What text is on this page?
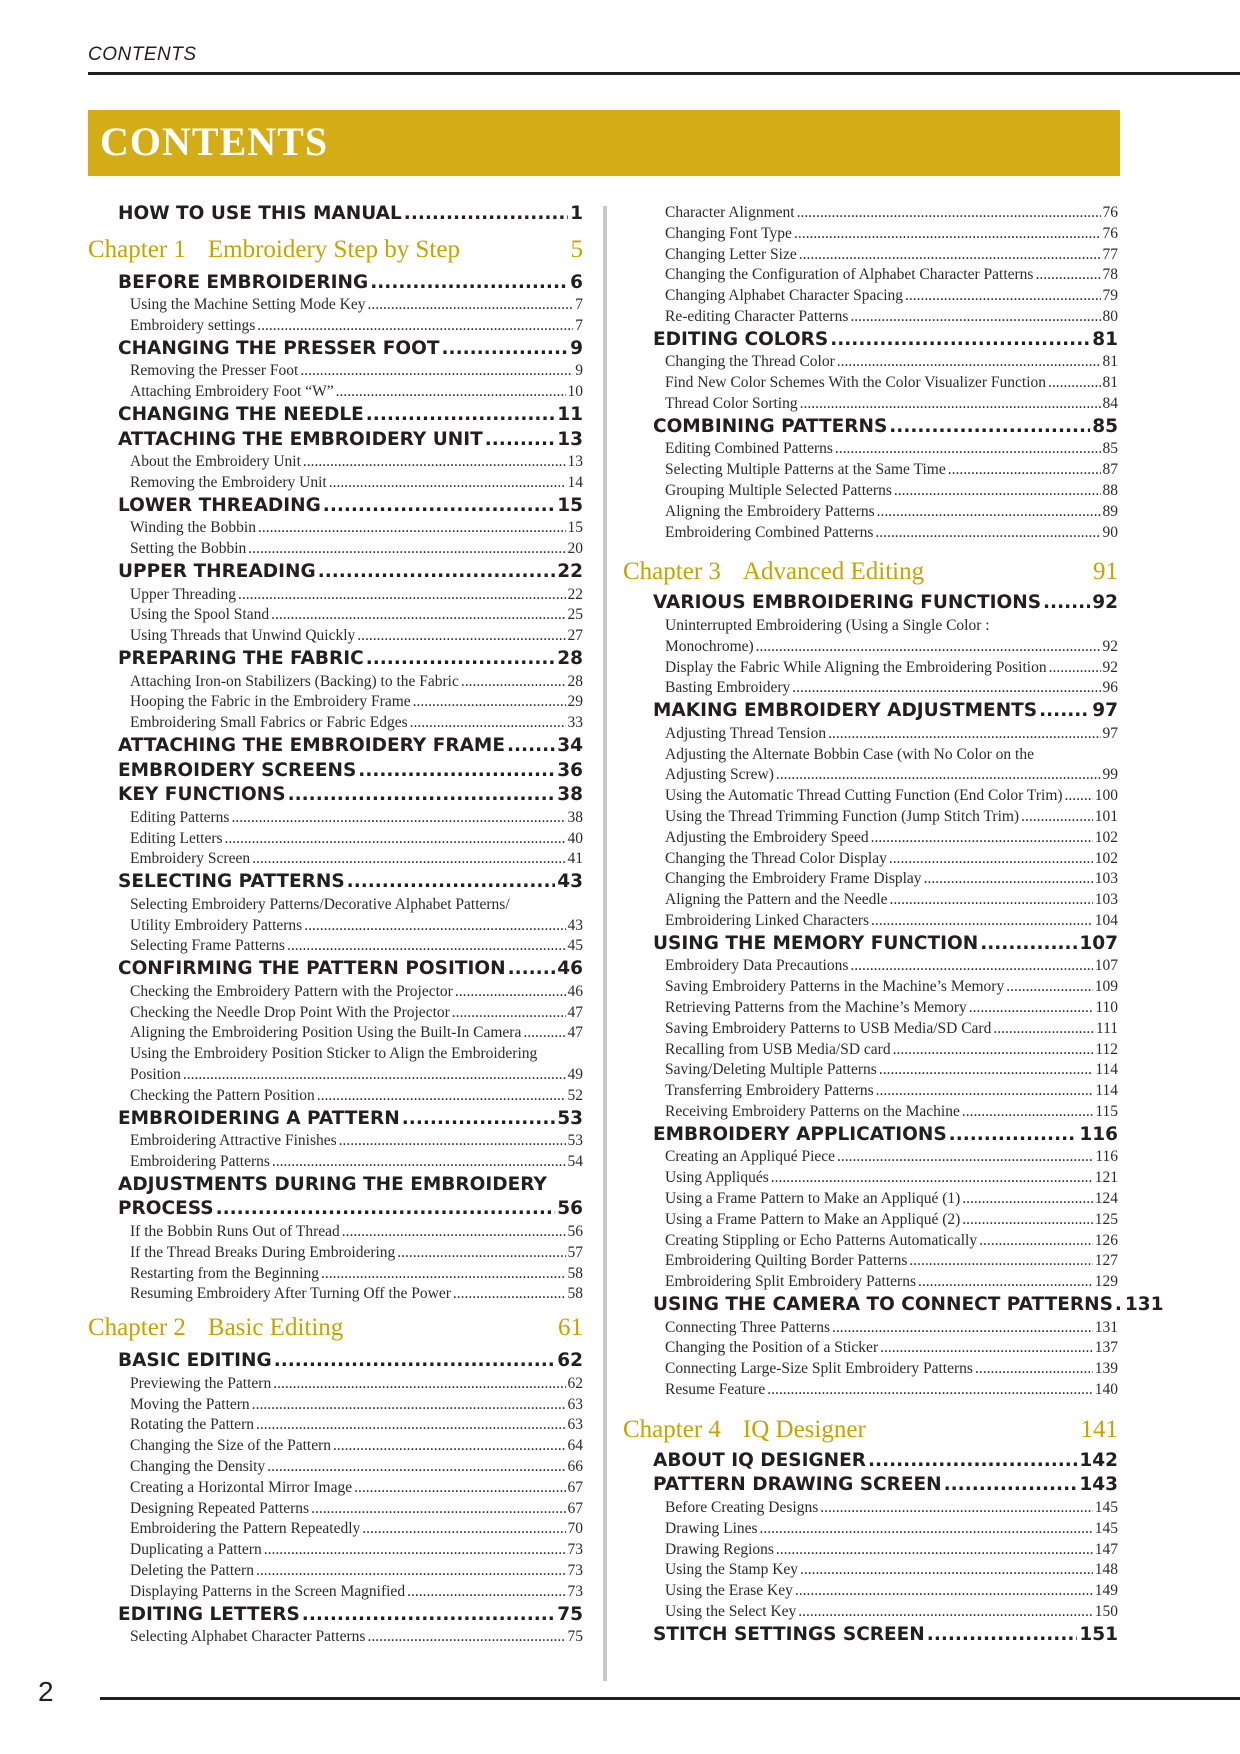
CONTENTS
CONTENTS
HOW TO USE THIS MANUAL .....	1
Chapter 1 Embroidery Step by Step	5
BEFORE EMBROIDERING .....	6
Using the Machine Setting Mode Key .....	7
Embroidery settings .....	7
CHANGING THE PRESSER FOOT .....	9
Removing the Presser Foot .....	9
Attaching Embroidery Foot “W” .....	10
CHANGING THE NEEDLE .....	11
ATTACHING THE EMBROIDERY UNIT .....	13
About the Embroidery Unit .....	13
Removing the Embroidery Unit .....	14
LOWER THREADING .....	15
Winding the Bobbin .....	15
Setting the Bobbin .....	20
UPPER THREADING .....	22
Upper Threading .....	22
Using the Spool Stand .....	25
Using Threads that Unwind Quickly .....	27
PREPARING THE FABRIC .....	28
Attaching Iron-on Stabilizers (Backing) to the Fabric .....	28
Hooping the Fabric in the Embroidery Frame .....	29
Embroidering Small Fabrics or Fabric Edges .....	33
ATTACHING THE EMBROIDERY FRAME .....	34
EMBROIDERY SCREENS .....	36
KEY FUNCTIONS .....	38
Editing Patterns .....	38
Editing Letters .....	40
Embroidery Screen .....	41
SELECTING PATTERNS .....	43
Selecting Embroidery Patterns/Decorative Alphabet Patterns/
Utility Embroidery Patterns .....	43
Selecting Frame Patterns .....	45
CONFIRMING THE PATTERN POSITION .....	46
Checking the Embroidery Pattern with the Projector .....	46
Checking the Needle Drop Point With the Projector .....	47
Aligning the Embroidering Position Using the Built-In Camera .....	47
Using the Embroidery Position Sticker to Align the Embroidering
Position .....	49
Checking the Pattern Position .....	52
EMBROIDERING A PATTERN .....	53
Embroidering Attractive Finishes .....	53
Embroidering Patterns .....	54
ADJUSTMENTS DURING THE EMBROIDERY
PROCESS .....	56
If the Bobbin Runs Out of Thread .....	56
If the Thread Breaks During Embroidering .....	57
Restarting from the Beginning .....	58
Resuming Embroidery After Turning Off the Power .....	58
Chapter 2 Basic Editing	61
BASIC EDITING .....	62
Previewing the Pattern .....	62
Moving the Pattern .....	63
Rotating the Pattern .....	63
Changing the Size of the Pattern .....	64
Changing the Density .....	66
Creating a Horizontal Mirror Image .....	67
Designing Repeated Patterns .....	67
Embroidering the Pattern Repeatedly .....	70
Duplicating a Pattern .....	73
Deleting the Pattern .....	73
Displaying Patterns in the Screen Magnified .....	73
EDITING LETTERS .....	75
Selecting Alphabet Character Patterns .....	75
Character Alignment .....	76
Changing Font Type .....	76
Changing Letter Size .....	77
Changing the Configuration of Alphabet Character Patterns .....	78
Changing Alphabet Character Spacing .....	79
Re-editing Character Patterns .....	80
EDITING COLORS .....	81
Changing the Thread Color .....	81
Find New Color Schemes With the Color Visualizer Function .....	81
Thread Color Sorting .....	84
COMBINING PATTERNS .....	85
Editing Combined Patterns .....	85
Selecting Multiple Patterns at the Same Time .....	87
Grouping Multiple Selected Patterns .....	88
Aligning the Embroidery Patterns .....	89
Embroidering Combined Patterns .....	90
Chapter 3 Advanced Editing	91
VARIOUS EMBROIDERING FUNCTIONS .....	92
Uninterrupted Embroidering (Using a Single Color :
Monochrome) .....	92
Display the Fabric While Aligning the Embroidering Position .....	92
Basting Embroidery .....	96
MAKING EMBROIDERY ADJUSTMENTS .....	97
Adjusting Thread Tension .....	97
Adjusting the Alternate Bobbin Case (with No Color on the
Adjusting Screw) .....	99
Using the Automatic Thread Cutting Function (End Color Trim) ..... 100
Using the Thread Trimming Function (Jump Stitch Trim) .....	101
Adjusting the Embroidery Speed .....	102
Changing the Thread Color Display .....	102
Changing the Embroidery Frame Display .....	103
Aligning the Pattern and the Needle .....	103
Embroidering Linked Characters .....	104
USING THE MEMORY FUNCTION .....	107
Embroidery Data Precautions .....	107
Saving Embroidery Patterns in the Machine’s Memory .....	109
Retrieving Patterns from the Machine’s Memory .....	110
Saving Embroidery Patterns to USB Media/SD Card .....	111
Recalling from USB Media/SD card .....	112
Saving/Deleting Multiple Patterns .....	114
Transferring Embroidery Patterns .....	114
Receiving Embroidery Patterns on the Machine .....	115
EMBROIDERY APPLICATIONS .....	116
Creating an Appliqué Piece .....	116
Using Appliqués .....	121
Using a Frame Pattern to Make an Appliqué (1) .....	124
Using a Frame Pattern to Make an Appliqué (2) .....	125
Creating Stippling or Echo Patterns Automatically .....	126
Embroidering Quilting Border Patterns .....	127
Embroidering Split Embroidery Patterns .....	129
USING THE CAMERA TO CONNECT PATTERNS ..... 131
Connecting Three Patterns .....	131
Changing the Position of a Sticker .....	137
Connecting Large-Size Split Embroidery Patterns .....	139
Resume Feature .....	140
Chapter 4 IQ Designer	141
ABOUT IQ DESIGNER .....	142
PATTERN DRAWING SCREEN .....	143
Before Creating Designs .....	145
Drawing Lines .....	145
Drawing Regions .....	147
Using the Stamp Key .....	148
Using the Erase Key .....	149
Using the Select Key .....	150
STITCH SETTINGS SCREEN .....	151
2
